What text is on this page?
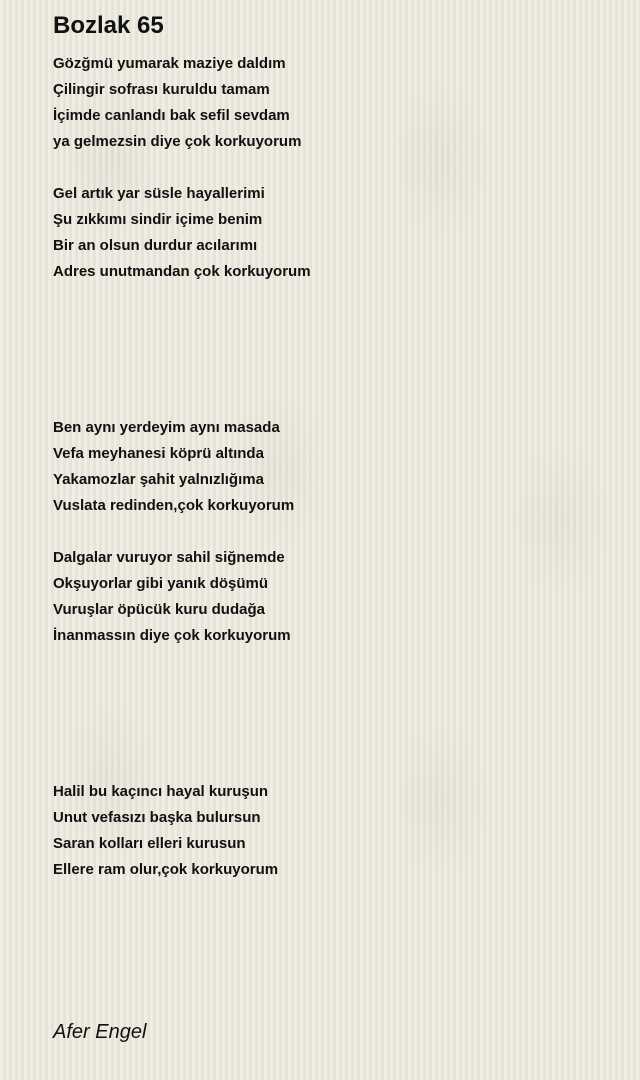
Bozlak 65
Gözğmü yumarak maziye daldım
Çilingir sofrası kuruldu tamam
İçimde canlandı bak sefil sevdam
ya gelmezsin diye çok korkuyorum
Gel artık yar süsle hayallerimi
Şu zıkkımı sindir içime benim
Bir an olsun durdur acılarımı
Adres unutmandan çok korkuyorum
Ben aynı yerdeyim aynı masada
Vefa meyhanesi köprü altında
Yakamozlar şahit yalnızlığıma
Vuslata redinden,çok korkuyorum
Dalgalar vuruyor sahil siğnemde
Okşuyorlar gibi yanık döşümü
Vuruşlar öpücük kuru dudağa
İnanmassın diye çok korkuyorum
Halil bu kaçıncı hayal kuruşun
Unut vefasızı başka bulursun
Saran kolları elleri kurusun
Ellere ram olur,çok korkuyorum
Afer Engel
